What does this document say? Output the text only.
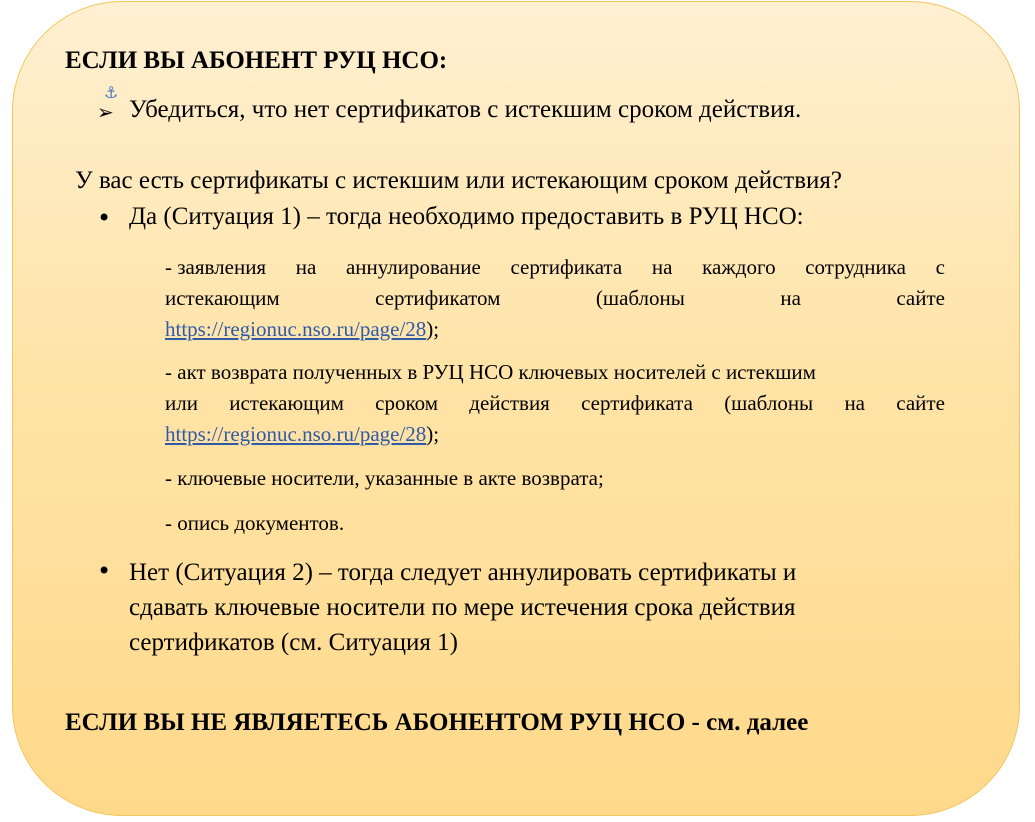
ЕСЛИ ВЫ АБОНЕНТ РУЦ НСО:
⚓
➢ Убедиться, что нет сертификатов с истекшим сроком действия.
У вас есть сертификаты с истекшим или истекающим сроком действия?
• Да (Ситуация 1) – тогда необходимо предоставить в РУЦ НСО:
- заявления на аннулирование сертификата на каждого сотрудника с
истекающим	сертификатом	(шаблоны	на	сайте
https://regionuc.nso.ru/page/28);
- акт возврата полученных в РУЦ НСО ключевых носителей с истекшим
или истекающим сроком действия сертификата (шаблоны на сайте
https://regionuc.nso.ru/page/28);
- ключевые носители, указанные в акте возврата;
- опись документов.
• Нет (Ситуация 2) – тогда следует аннулировать сертификаты и
сдавать ключевые носители по мере истечения срока действия
сертификатов (см. Ситуация 1)
ЕСЛИ ВЫ НЕ ЯВЛЯЕТЕСЬ АБОНЕНТОМ РУЦ НСО - см. далее
